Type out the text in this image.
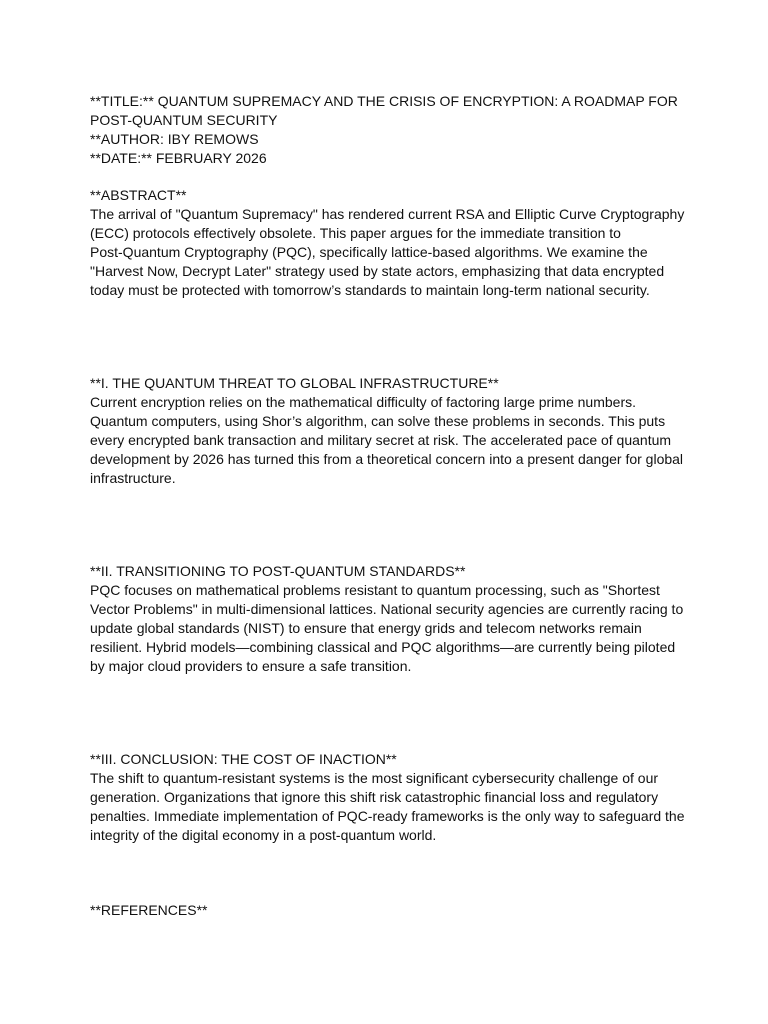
**TITLE:** QUANTUM SUPREMACY AND THE CRISIS OF ENCRYPTION: A ROADMAP FOR
POST-QUANTUM SECURITY
**AUTHOR: IBY REMOWS
**DATE:** FEBRUARY 2026
**ABSTRACT**

The arrival of "Quantum Supremacy" has rendered current RSA and Elliptic Curve Cryptography
(ECC) protocols effectively obsolete. This paper argues for the immediate transition to
Post-Quantum Cryptography (PQC), specifically lattice-based algorithms. We examine the
"Harvest Now, Decrypt Later" strategy used by state actors, emphasizing that data encrypted
today must be protected with tomorrow’s standards to maintain long-term national security.

**I. THE QUANTUM THREAT TO GLOBAL INFRASTRUCTURE**

Current encryption relies on the mathematical difficulty of factoring large prime numbers.
Quantum computers, using Shor’s algorithm, can solve these problems in seconds. This puts
every encrypted bank transaction and military secret at risk. The accelerated pace of quantum
development by 2026 has turned this from a theoretical concern into a present danger for global
infrastructure.

**II. TRANSITIONING TO POST-QUANTUM STANDARDS**

PQC focuses on mathematical problems resistant to quantum processing, such as "Shortest
Vector Problems" in multi-dimensional lattices. National security agencies are currently racing to
update global standards (NIST) to ensure that energy grids and telecom networks remain
resilient. Hybrid models—combining classical and PQC algorithms—are currently being piloted
by major cloud providers to ensure a safe transition.

**III. CONCLUSION: THE COST OF INACTION**

The shift to quantum-resistant systems is the most significant cybersecurity challenge of our
generation. Organizations that ignore this shift risk catastrophic financial loss and regulatory
penalties. Immediate implementation of PQC-ready frameworks is the only way to safeguard the
integrity of the digital economy in a post-quantum world.

**REFERENCES**
